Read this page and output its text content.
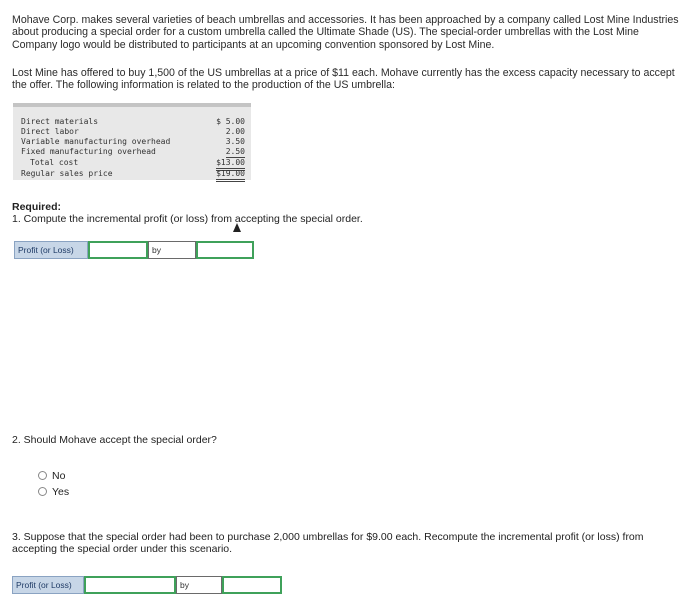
Mohave Corp. makes several varieties of beach umbrellas and accessories. It has been approached by a company called Lost Mine Industries about producing a special order for a custom umbrella called the Ultimate Shade (US). The special-order umbrellas with the Lost Mine Company logo would be distributed to participants at an upcoming convention sponsored by Lost Mine.

Lost Mine has offered to buy 1,500 of the US umbrellas at a price of $11 each. Mohave currently has the excess capacity necessary to accept the offer. The following information is related to the production of the US umbrella:

Direct materials	$ 5.00
Direct labor	2.00
Variable manufacturing overhead	3.50
Fixed manufacturing overhead	2.50
Total cost	$13.00
Regular sales price	$19.00
Required:

1. Compute the incremental profit (or loss) from accepting the special order.

Profit (or Loss)	by

2. Should Mohave accept the special order?

No
Yes

3. Suppose that the special order had been to purchase 2,000 umbrellas for $9.00 each. Recompute the incremental profit (or loss) from accepting the special order under this scenario.

Profit (or Loss)	by
